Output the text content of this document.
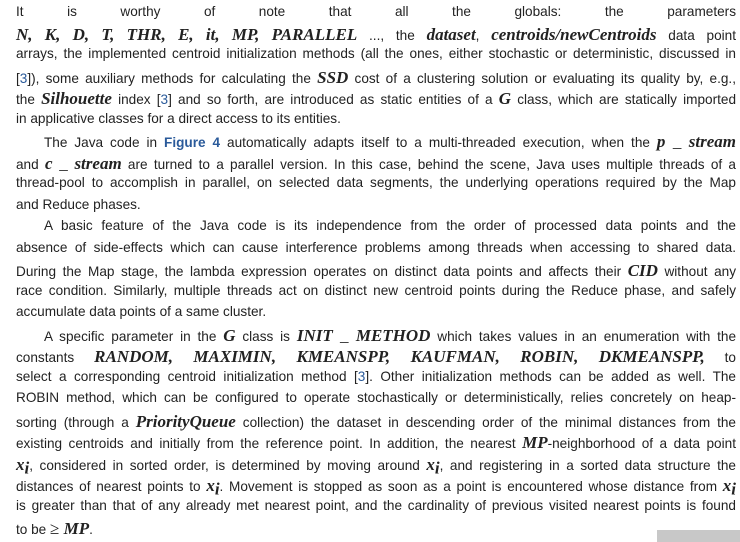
It is worthy of note that all the globals: the parameters
N, K, D, T, THR, E, it, MP, PARALLEL ..., the dataset, centroids/newCentroids data point
arrays, the implemented centroid initialization methods (all the ones, either stochastic or deterministic, discussed in
[3]), some auxiliary methods for calculating the SSD cost of a clustering solution or evaluating its quality by, e.g.,
the Silhouette index [3] and so forth, are introduced as static entities of a G class, which are statically imported
in applicative classes for a direct access to its entities.
The Java code in Figure 4 automatically adapts itself to a multi-threaded execution, when the p _ stream
and c _ stream are turned to a parallel version. In this case, behind the scene, Java uses multiple threads of a
thread-pool to accomplish in parallel, on selected data segments, the underlying operations required by the Map
and Reduce phases.
A basic feature of the Java code is its independence from the order of processed data points and the
absence of side-effects which can cause interference problems among threads when accessing to shared data.
During the Map stage, the lambda expression operates on distinct data points and affects their CID without any
race condition. Similarly, multiple threads act on distinct new centroid points during the Reduce phase, and safely
accumulate data points of a same cluster.
A specific parameter in the G class is INIT _ METHOD which takes values in an enumeration with the
constants RANDOM, MAXIMIN, KMEANSPP, KAUFMAN, ROBIN, DKMEANSPP, to
select a corresponding centroid initialization method [3]. Other initialization methods can be added as well. The
ROBIN method, which can be configured to operate stochastically or deterministically, relies concretely on heap-
sorting (through a PriorityQueue collection) the dataset in descending order of the minimal distances from the
existing centroids and initially from the reference point. In addition, the nearest MP-neighborhood of a data point
$x_i$, considered in sorted order, is determined by moving around $x_i$, and registering in a sorted data structure the
distances of nearest points to $x_i$. Movement is stopped as soon as a point is encountered whose distance from $x_i$
is greater than that of any already met nearest point, and the cardinality of previous visited nearest points is found
to be ≥ MP.
